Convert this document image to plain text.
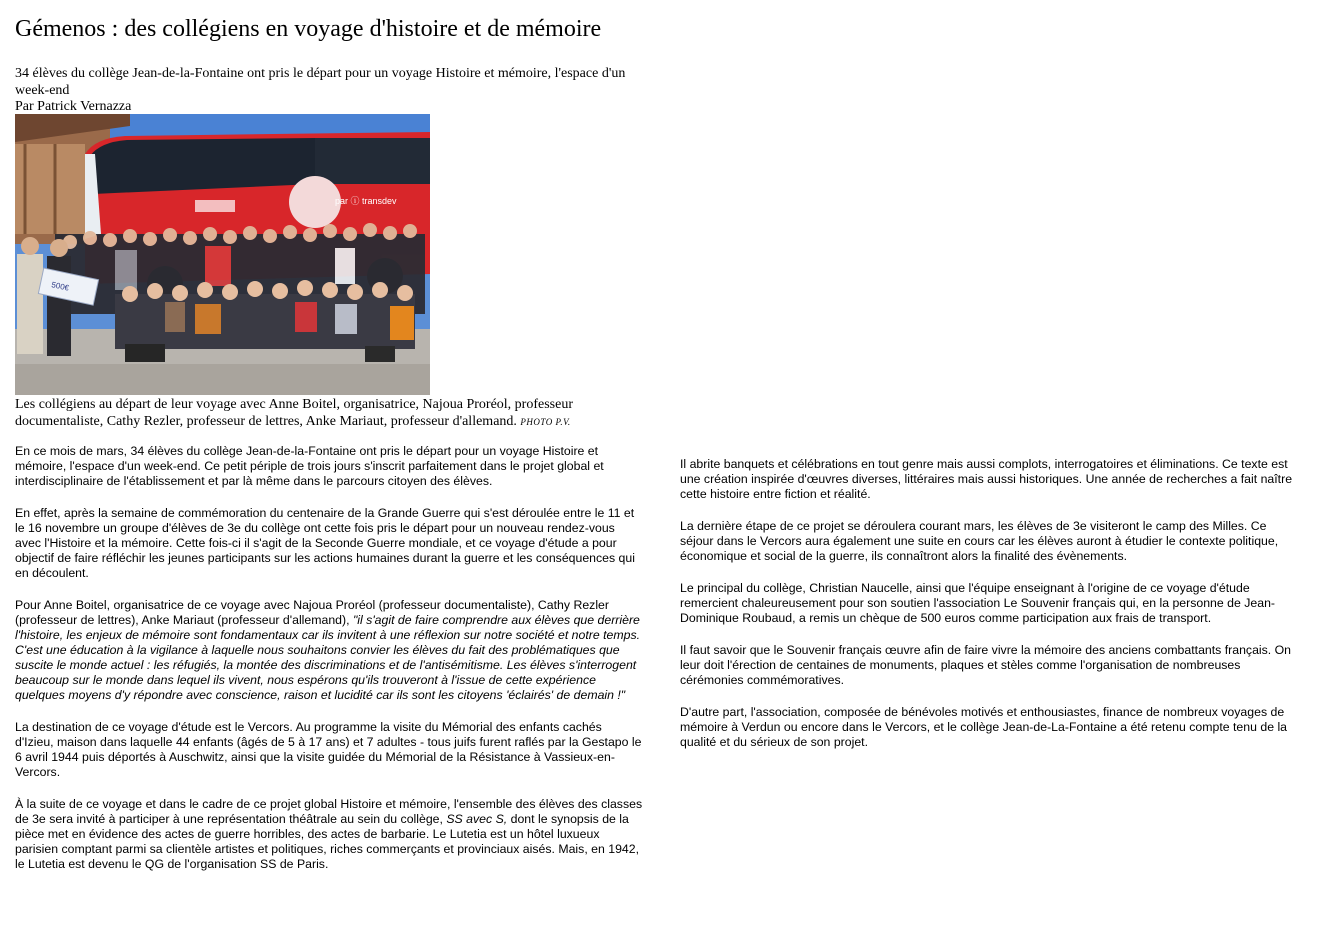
Gémenos : des collégiens en voyage d'histoire et de mémoire
34 élèves du collège Jean-de-la-Fontaine ont pris le départ pour un voyage Histoire et mémoire, l'espace d'un week-end
Par Patrick Vernazza
par ⓘ transdev
500€
Les collégiens au départ de leur voyage avec Anne Boitel, organisatrice, Najoua Proréol, professeur documentaliste, Cathy Rezler, professeur de lettres, Anke Mariaut, professeur d'allemand. PHOTO P.V.

En ce mois de mars, 34 élèves du collège Jean-de-la-Fontaine ont pris le départ pour un voyage Histoire et mémoire, l'espace d'un week-end. Ce petit périple de trois jours s'inscrit parfaitement dans le projet global et interdisciplinaire de l'établissement et par là même dans le parcours citoyen des élèves.

En effet, après la semaine de commémoration du centenaire de la Grande Guerre qui s'est déroulée entre le 11 et le 16 novembre un groupe d'élèves de 3e du collège ont cette fois pris le départ pour un nouveau rendez-vous avec l'Histoire et la mémoire. Cette fois-ci il s'agit de la Seconde Guerre mondiale, et ce voyage d'étude a pour objectif de faire réfléchir les jeunes participants sur les actions humaines durant la guerre et les conséquences qui en découlent.

Pour Anne Boitel, organisatrice de ce voyage avec Najoua Proréol (professeur documentaliste), Cathy Rezler (professeur de lettres), Anke Mariaut (professeur d'allemand), "il s'agit de faire comprendre aux élèves que derrière l'histoire, les enjeux de mémoire sont fondamentaux car ils invitent à une réflexion sur notre société et notre temps. C'est une éducation à la vigilance à laquelle nous souhaitons convier les élèves du fait des problématiques que suscite le monde actuel : les réfugiés, la montée des discriminations et de l'antisémitisme. Les élèves s'interrogent beaucoup sur le monde dans lequel ils vivent, nous espérons qu'ils trouveront à l'issue de cette expérience quelques moyens d'y répondre avec conscience, raison et lucidité car ils sont les citoyens 'éclairés' de demain !"

La destination de ce voyage d'étude est le Vercors. Au programme la visite du Mémorial des enfants cachés d'Izieu, maison dans laquelle 44 enfants (âgés de 5 à 17 ans) et 7 adultes - tous juifs furent raflés par la Gestapo le 6 avril 1944 puis déportés à Auschwitz, ainsi que la visite guidée du Mémorial de la Résistance à Vassieux-en-Vercors.

À la suite de ce voyage et dans le cadre de ce projet global Histoire et mémoire, l'ensemble des élèves des classes de 3e sera invité à participer à une représentation théâtrale au sein du collège, SS avec S, dont le synopsis de la pièce met en évidence des actes de guerre horribles, des actes de barbarie. Le Lutetia est un hôtel luxueux parisien comptant parmi sa clientèle artistes et politiques, riches commerçants et provinciaux aisés. Mais, en 1942, le Lutetia est devenu le QG de l'organisation SS de Paris.

Il abrite banquets et célébrations en tout genre mais aussi complots, interrogatoires et éliminations. Ce texte est une création inspirée d'œuvres diverses, littéraires mais aussi historiques. Une année de recherches a fait naître cette histoire entre fiction et réalité.

La dernière étape de ce projet se déroulera courant mars, les élèves de 3e visiteront le camp des Milles. Ce séjour dans le Vercors aura également une suite en cours car les élèves auront à étudier le contexte politique, économique et social de la guerre, ils connaîtront alors la finalité des évènements.

Le principal du collège, Christian Naucelle, ainsi que l'équipe enseignant à l'origine de ce voyage d'étude remercient chaleureusement pour son soutien l'association Le Souvenir français qui, en la personne de Jean-Dominique Roubaud, a remis un chèque de 500 euros comme participation aux frais de transport.

Il faut savoir que le Souvenir français œuvre afin de faire vivre la mémoire des anciens combattants français. On leur doit l'érection de centaines de monuments, plaques et stèles comme l'organisation de nombreuses cérémonies commémoratives.

D'autre part, l'association, composée de bénévoles motivés et enthousiastes, finance de nombreux voyages de mémoire à Verdun ou encore dans le Vercors, et le collège Jean-de-La-Fontaine a été retenu compte tenu de la qualité et du sérieux de son projet.
